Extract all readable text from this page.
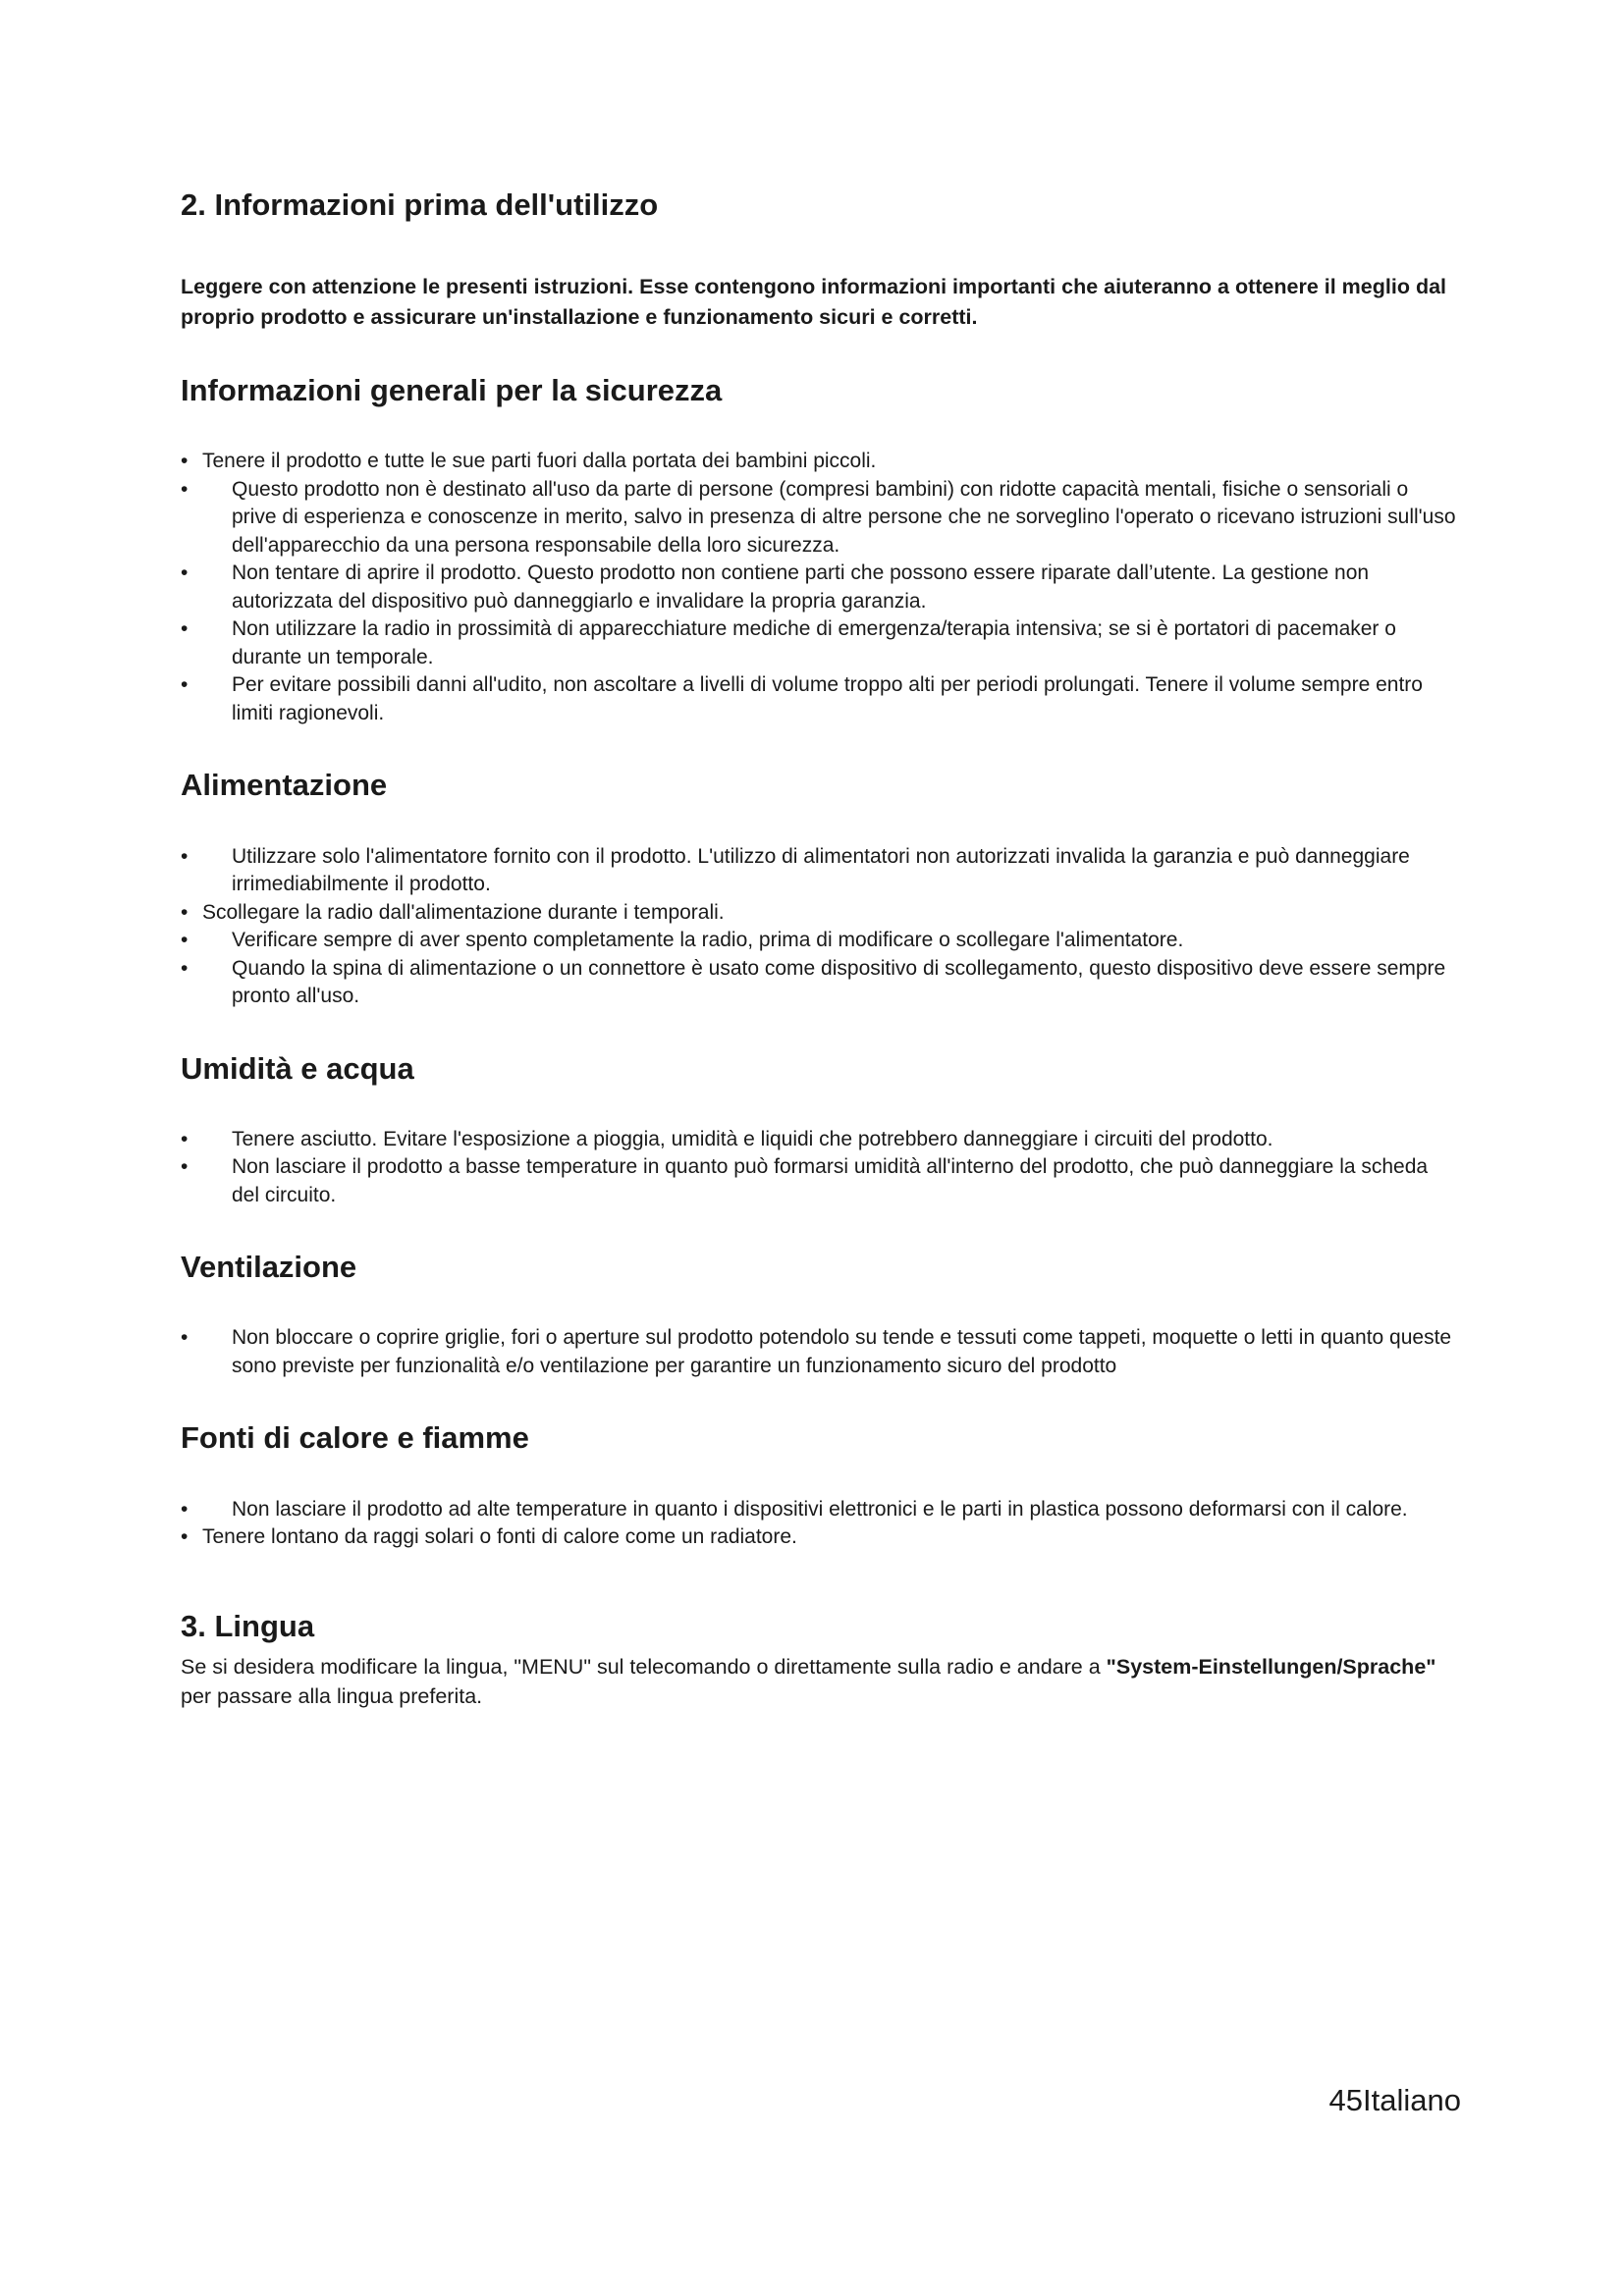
2. Informazioni prima dell'utilizzo

Leggere con attenzione le presenti istruzioni. Esse contengono informazioni importanti che aiuteranno a ottenere il meglio dal proprio prodotto e assicurare un'installazione e funzionamento sicuri e corretti.

Informazioni generali per la sicurezza
• Tenere il prodotto e tutte le sue parti fuori dalla portata dei bambini piccoli.
• Questo prodotto non è destinato all'uso da parte di persone (compresi bambini) con ridotte capacità mentali, fisiche o sensoriali o prive di esperienza e conoscenze in merito, salvo in presenza di altre persone che ne sorveglino l'operato o ricevano istruzioni sull'uso dell'apparecchio da una persona responsabile della loro sicurezza.
• Non tentare di aprire il prodotto. Questo prodotto non contiene parti che possono essere riparate dall’utente. La gestione non autorizzata del dispositivo può danneggiarlo e invalidare la propria garanzia.
• Non utilizzare la radio in prossimità di apparecchiature mediche di emergenza/terapia intensiva; se si è portatori di pacemaker o durante un temporale.
• Per evitare possibili danni all'udito, non ascoltare a livelli di volume troppo alti per periodi prolungati. Tenere il volume sempre entro limiti ragionevoli.
Alimentazione
• Utilizzare solo l'alimentatore fornito con il prodotto. L'utilizzo di alimentatori non autorizzati invalida la garanzia e può danneggiare irrimediabilmente il prodotto.
• Scollegare la radio dall'alimentazione durante i temporali.
• Verificare sempre di aver spento completamente la radio, prima di modificare o scollegare l'alimentatore.
• Quando la spina di alimentazione o un connettore è usato come dispositivo di scollegamento, questo dispositivo deve essere sempre pronto all'uso.
Umidità e acqua
• Tenere asciutto. Evitare l'esposizione a pioggia, umidità e liquidi che potrebbero danneggiare i circuiti del prodotto.
• Non lasciare il prodotto a basse temperature in quanto può formarsi umidità all'interno del prodotto, che può danneggiare la scheda del circuito.
Ventilazione
• Non bloccare o coprire griglie, fori o aperture sul prodotto potendolo su tende e tessuti come tappeti, moquette o letti in quanto queste sono previste per funzionalità e/o ventilazione per garantire un funzionamento sicuro del prodotto
Fonti di calore e fiamme
• Non lasciare il prodotto ad alte temperature in quanto i dispositivi elettronici e le parti in plastica possono deformarsi con il calore.
• Tenere lontano da raggi solari o fonti di calore come un radiatore.
3. Lingua

Se si desidera modificare la lingua, "MENU" sul telecomando o direttamente sulla radio e andare a "System-Einstellungen/Sprache" per passare alla lingua preferita.

45Italiano
